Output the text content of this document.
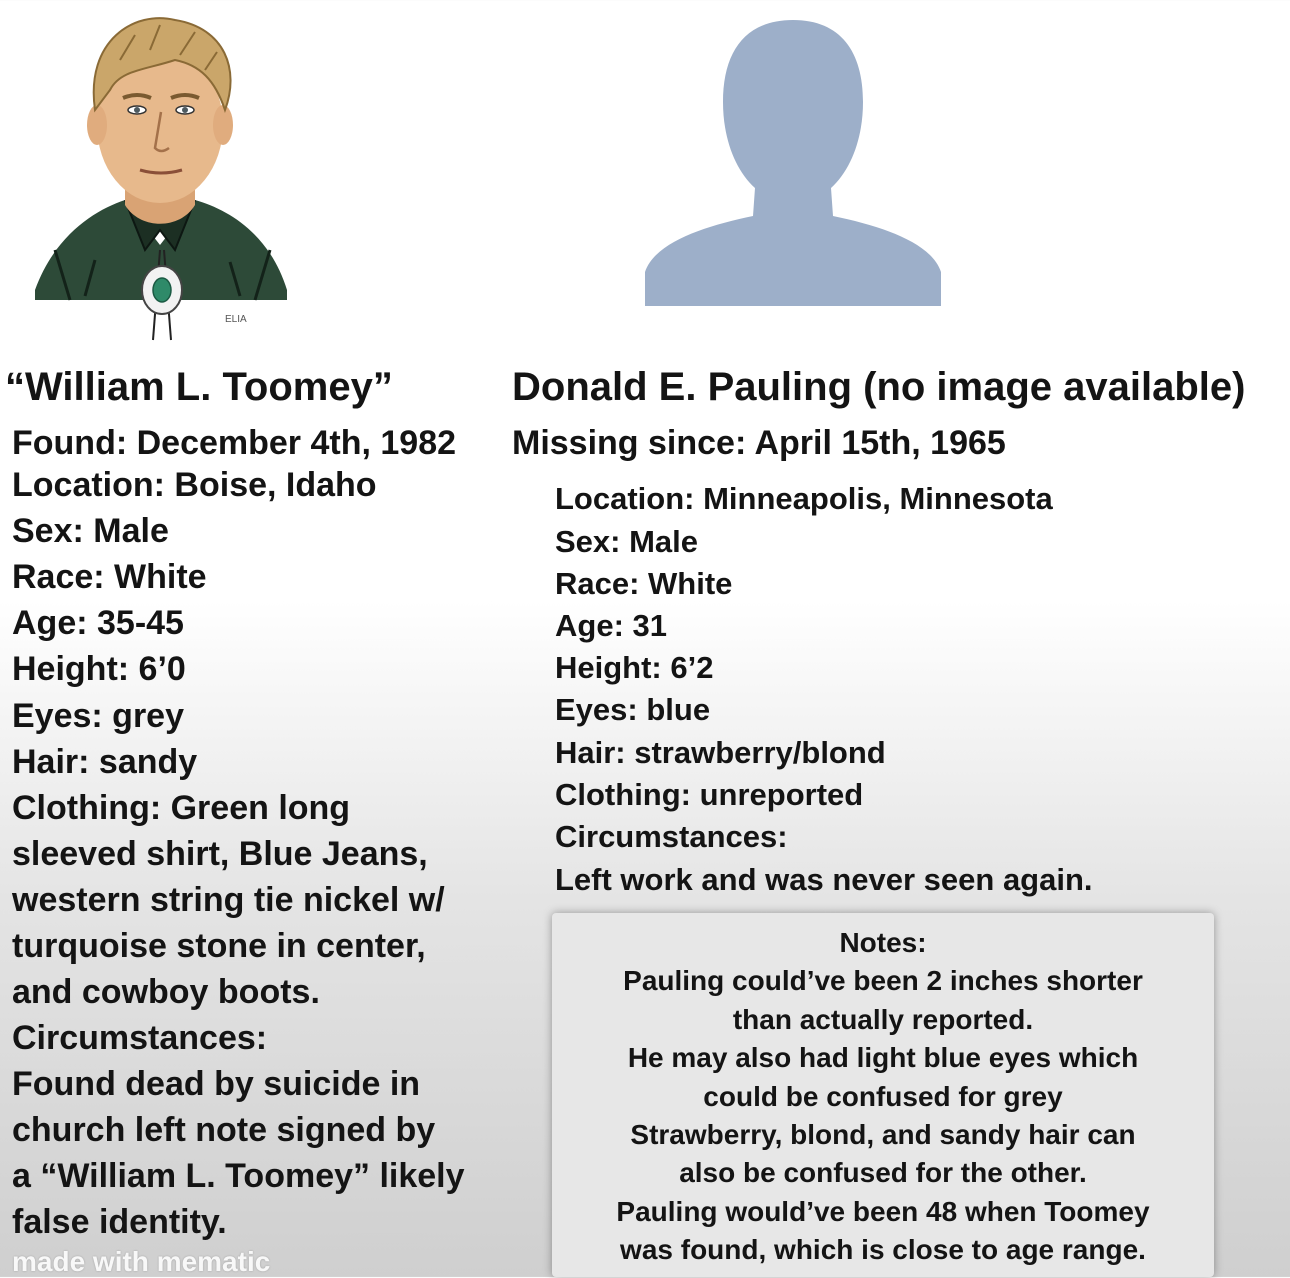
ELIA
“William L. Toomey”	Donald E. Pauling (no image available)
Found: December 4th, 1982
Location: Boise, Idaho
Sex: Male
Race: White
Age: 35-45
Height: 6’0
Eyes: grey
Hair: sandy
Clothing: Green long
sleeved shirt, Blue Jeans,
western string tie nickel w/
turquoise stone in center,
and cowboy boots.
Circumstances:
Found dead by suicide in
church left note signed by
a “William L. Toomey” likely
false identity.
Missing since: April 15th, 1965
Location: Minneapolis, Minnesota
Sex: Male
Race: White
Age: 31
Height: 6’2
Eyes: blue
Hair: strawberry/blond
Clothing: unreported
Circumstances:
Left work and was never seen again.
Notes:
Pauling could’ve been 2 inches shorter
than actually reported.
He may also had light blue eyes which
could be confused for grey
Strawberry, blond, and sandy hair can
also be confused for the other.
Pauling would’ve been 48 when Toomey
was found, which is close to age range.
made with mematic
